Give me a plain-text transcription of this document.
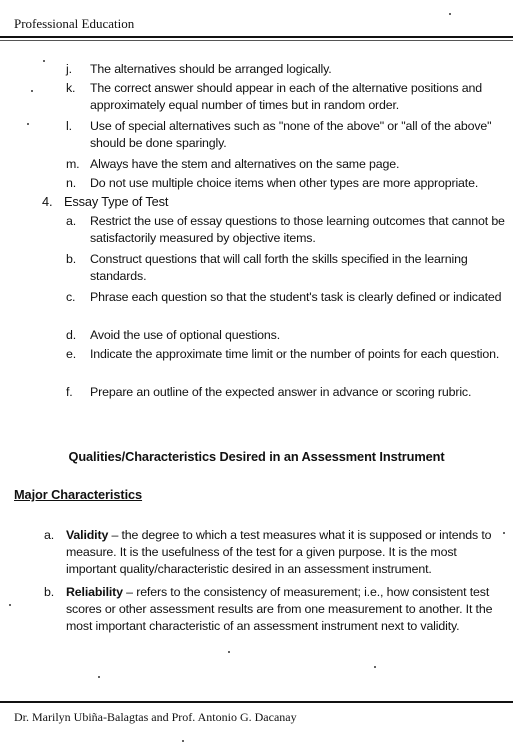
Professional Education
j. The alternatives should be arranged logically.
k. The correct answer should appear in each of the alternative positions and approximately equal number of times but in random order.
l. Use of special alternatives such as "none of the above" or "all of the above" should be done sparingly.
m. Always have the stem and alternatives on the same page.
n. Do not use multiple choice items when other types are more appropriate.
4. Essay Type of Test
a. Restrict the use of essay questions to those learning outcomes that cannot be satisfactorily measured by objective items.
b. Construct questions that will call forth the skills specified in the learning standards.
c. Phrase each question so that the student's task is clearly defined or indicated
d. Avoid the use of optional questions.
e. Indicate the approximate time limit or the number of points for each question.
f. Prepare an outline of the expected answer in advance or scoring rubric.
Qualities/Characteristics Desired in an Assessment Instrument
Major Characteristics
a. Validity – the degree to which a test measures what it is supposed or intends to measure. It is the usefulness of the test for a given purpose. It is the most important quality/characteristic desired in an assessment instrument.
b. Reliability – refers to the consistency of measurement; i.e., how consistent test scores or other assessment results are from one measurement to another. It the most important characteristic of an assessment instrument next to validity.
Dr. Marilyn Ubiña-Balagtas and Prof. Antonio G. Dacanay
